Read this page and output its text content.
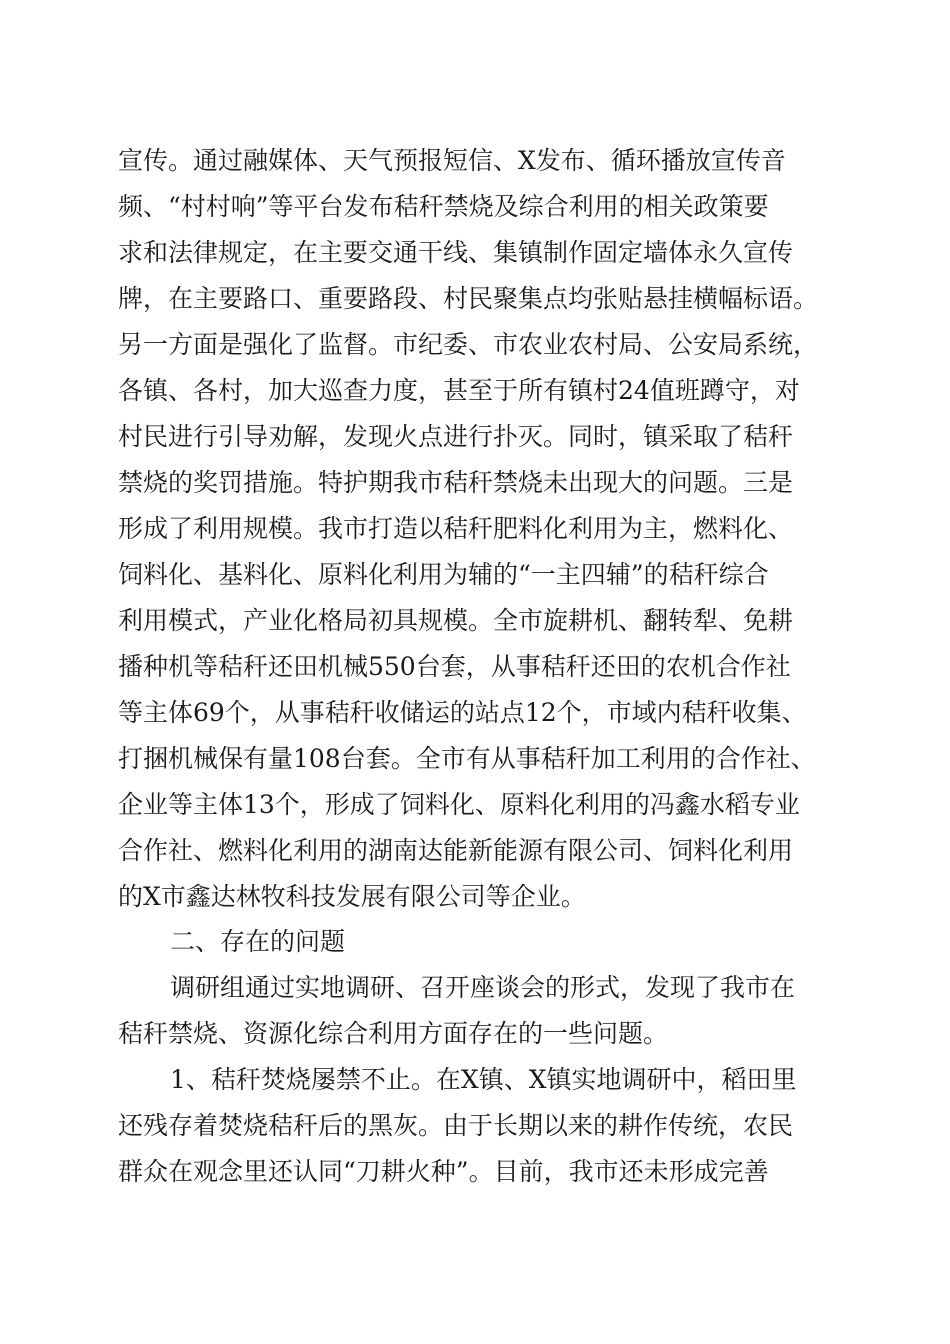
宣传。通过融媒体、天气预报短信、X发布、循环播放宣传音
频、“村村响”等平台发布秸秆禁烧及综合利用的相关政策要
求和法律规定，在主要交通干线、集镇制作固定墙体永久宣传
牌，在主要路口、重要路段、村民聚集点均张贴悬挂横幅标语。
另一方面是强化了监督。市纪委、市农业农村局、公安局系统，
各镇、各村，加大巡查力度，甚至于所有镇村24值班蹲守，对
村民进行引导劝解，发现火点进行扑灭。同时，镇采取了秸秆
禁烧的奖罚措施。特护期我市秸秆禁烧未出现大的问题。三是
形成了利用规模。我市打造以秸秆肥料化利用为主，燃料化、
饲料化、基料化、原料化利用为辅的“一主四辅”的秸秆综合
利用模式，产业化格局初具规模。全市旋耕机、翻转犁、免耕
播种机等秸秆还田机械550台套，从事秸秆还田的农机合作社
等主体69个，从事秸秆收储运的站点12个，市域内秸秆收集、
打捆机械保有量108台套。全市有从事秸秆加工利用的合作社、
企业等主体13个，形成了饲料化、原料化利用的冯鑫水稻专业
合作社、燃料化利用的湖南达能新能源有限公司、饲料化利用
的X市鑫达林牧科技发展有限公司等企业。
二、存在的问题
调研组通过实地调研、召开座谈会的形式，发现了我市在
秸秆禁烧、资源化综合利用方面存在的一些问题。
1、秸秆焚烧屡禁不止。在X镇、X镇实地调研中，稻田里
还残存着焚烧秸秆后的黑灰。由于长期以来的耕作传统，农民
群众在观念里还认同“刀耕火种”。目前，我市还未形成完善
